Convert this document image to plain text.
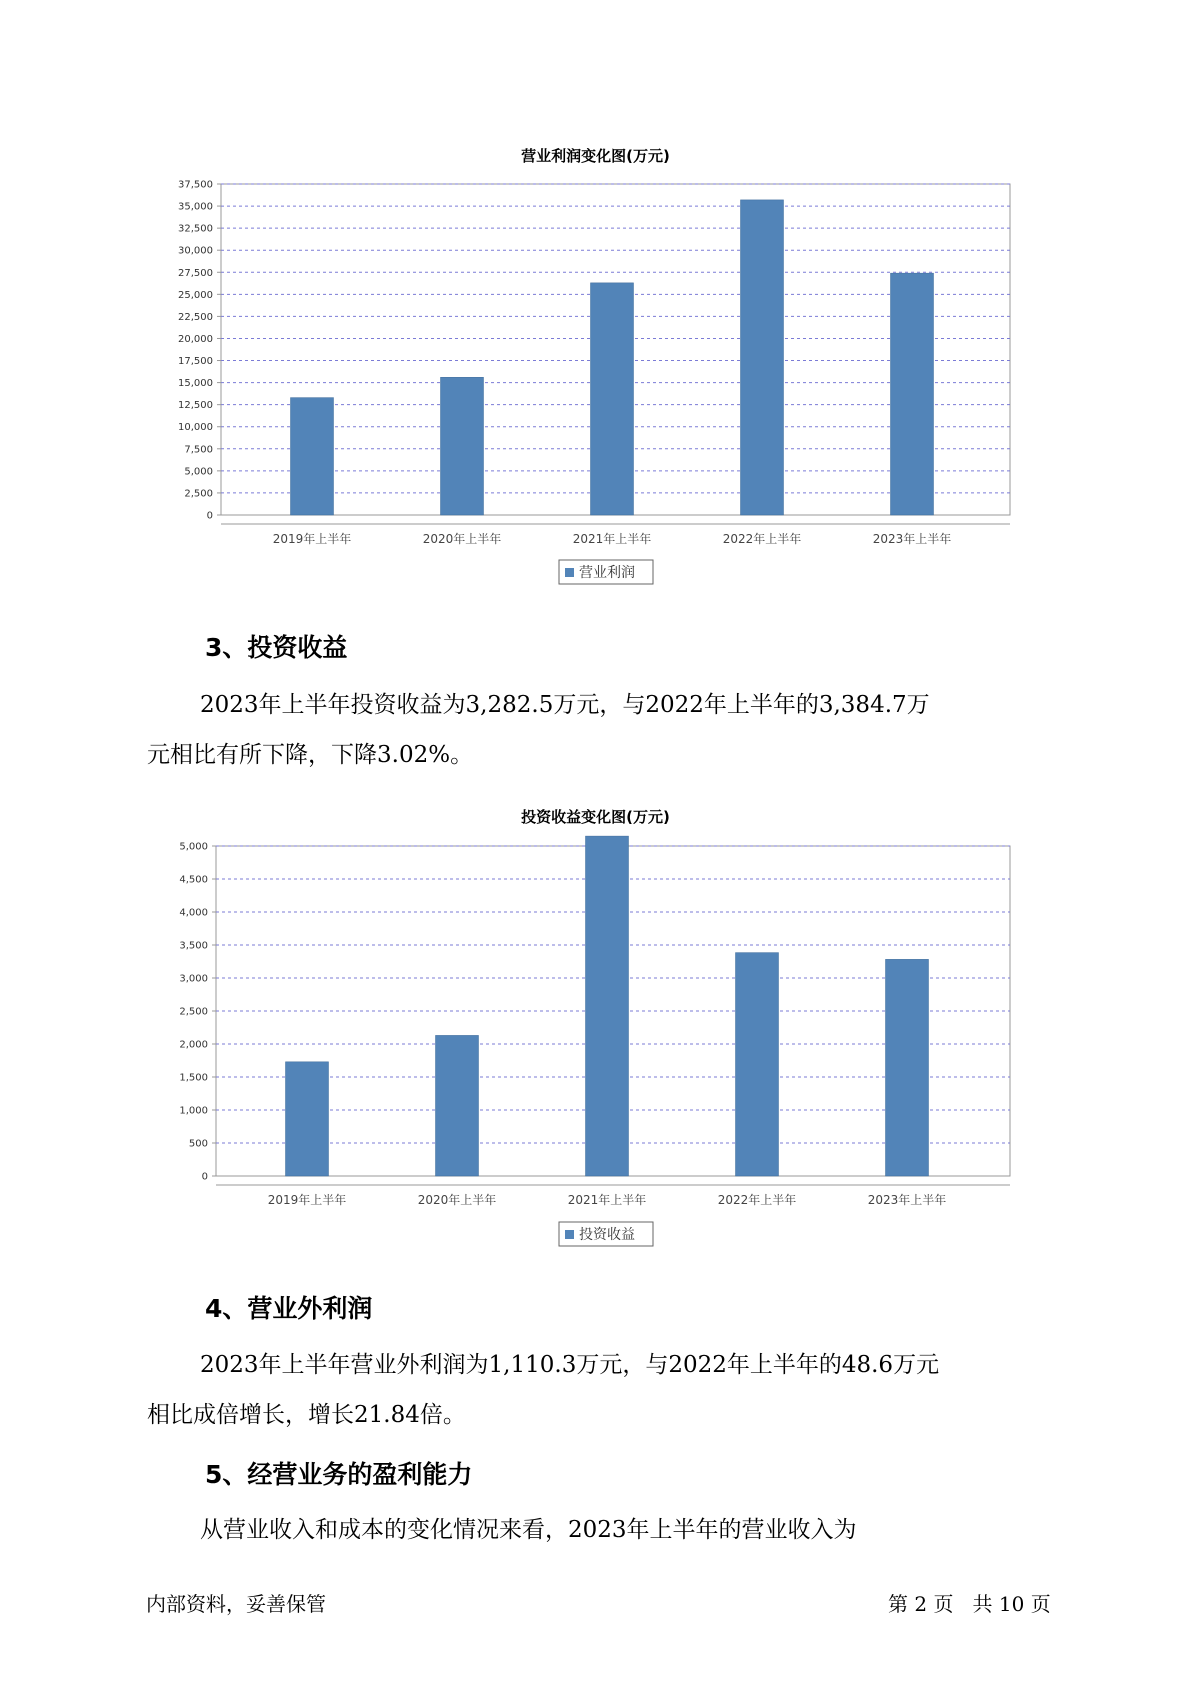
营业利润变化图(万元)
0
2,500
5,000
7,500
10,000
12,500
15,000
17,500
20,000
22,500
25,000
27,500
30,000
32,500
35,000
37,500
2019年上半年	2020年上半年	2021年上半年	2022年上半年	2023年上半年
营业利润
3、投资收益

2023年上半年投资收益为3,282.5万元，与2022年上半年的3,384.7万

元相比有所下降，下降3.02%。

投资收益变化图(万元)
0
500
1,000
1,500
2,000
2,500
3,000
3,500
4,000
4,500
5,000
2019年上半年	2020年上半年	2021年上半年	2022年上半年	2023年上半年
投资收益
4、营业外利润

2023年上半年营业外利润为1,110.3万元，与2022年上半年的48.6万元

相比成倍增长，增长21.84倍。

5、经营业务的盈利能力

从营业收入和成本的变化情况来看，2023年上半年的营业收入为

内部资料，妥善保管	第 2 页 共 10 页
